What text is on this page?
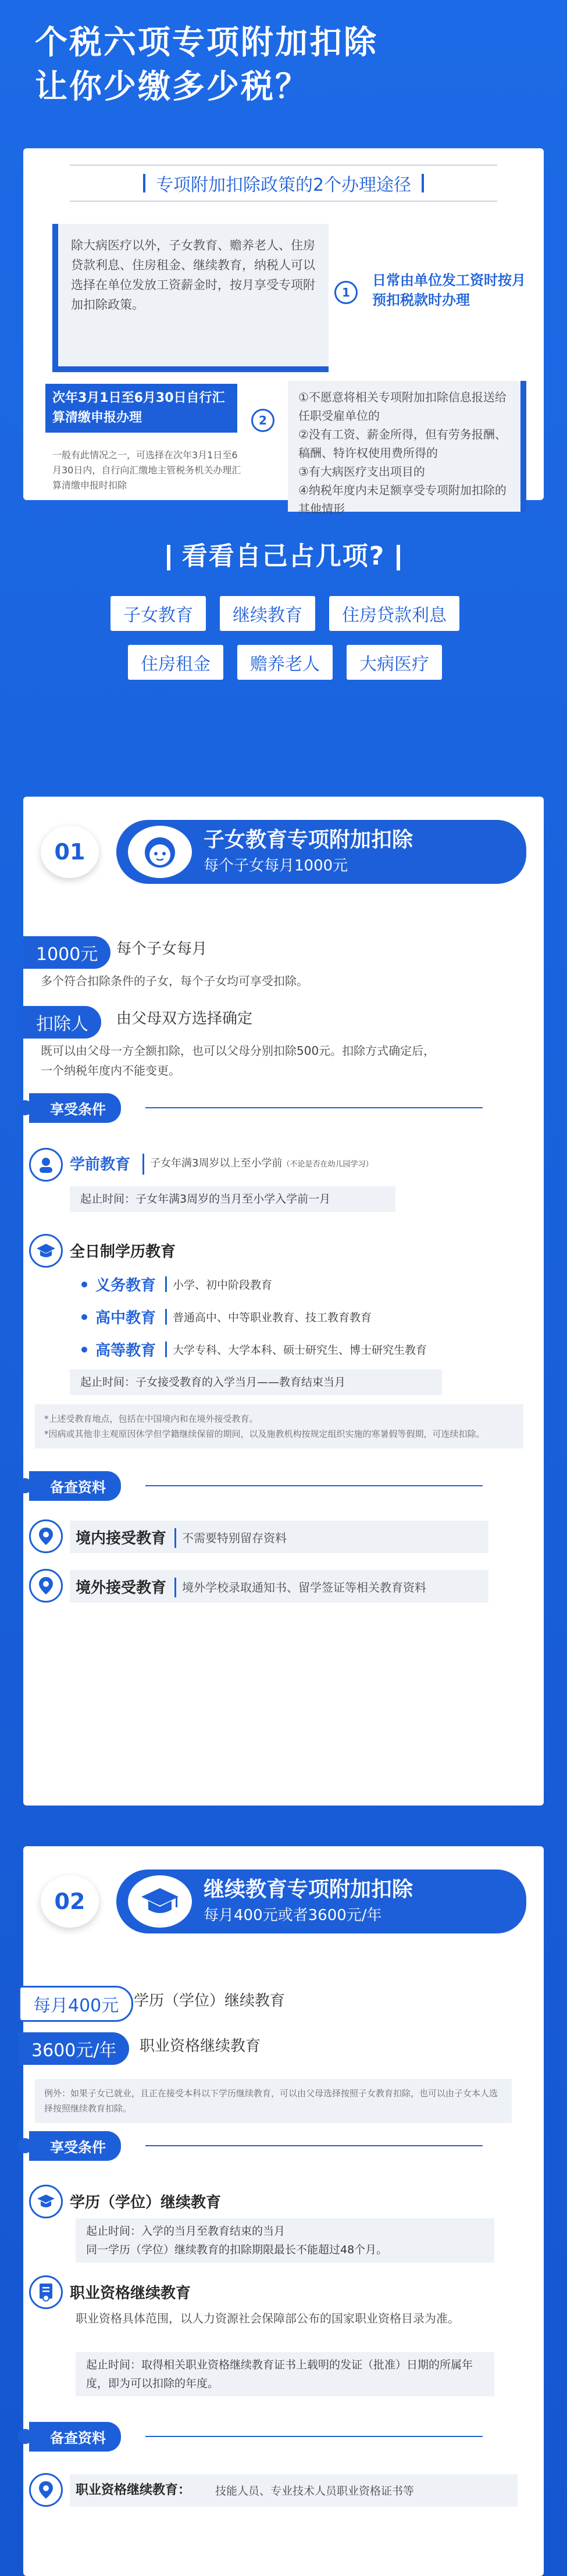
个税六项专项附加扣除
让你少缴多少税？
专项附加扣除政策的2个办理途径
除大病医疗以外，子女教育、赡养老人、住房贷款利息、住房租金、继续教育，纳税人可以选择在单位发放工资薪金时，按月享受专项附加扣除政策。
1
日常由单位发工资时按月预扣税款时办理
①不愿意将相关专项附加扣除信息报送给任职受雇单位的
②没有工资、薪金所得，但有劳务报酬、稿酬、特许权使用费所得的
③有大病医疗支出项目的
④纳税年度内未足额享受专项附加扣除的其他情形
2
次年3月1日至6月30日自行汇算清缴申报办理
一般有此情况之一，可选择在次年3月1日至6月30日内，自行向汇缴地主管税务机关办理汇算清缴申报时扣除
看看自己占几项?
子女教育	继续教育	住房贷款利息
住房租金	赡养老人	大病医疗
01	子女教育专项附加扣除
每个子女每月1000元
1000元	每个子女每月
多个符合扣除条件的子女，每个子女均可享受扣除。
扣除人	由父母双方选择确定
既可以由父母一方全额扣除，也可以父母分别扣除500元。扣除方式确定后，一个纳税年度内不能变更。
享受条件
学前教育	子女年满3周岁以上至小学前（不论是否在幼儿园学习）
起止时间：子女年满3周岁的当月至小学入学前一月
全日制学历教育
义务教育	小学、初中阶段教育
高中教育	普通高中、中等职业教育、技工教育教育
高等教育	大学专科、大学本科、硕士研究生、博士研究生教育
起止时间：子女接受教育的入学当月——教育结束当月
*上述受教育地点，包括在中国境内和在境外接受教育。
*因病或其他非主观原因休学但学籍继续保留的期间，以及施教机构按规定组织实施的寒暑假等假期，可连续扣除。
备查资料
境内接受教育	不需要特别留存资料
境外接受教育	境外学校录取通知书、留学签证等相关教育资料
02	继续教育专项附加扣除
每月400元或者3600元/年
每月400元 学历（学位）继续教育
3600元/年	职业资格继续教育
例外：如果子女已就业，且正在接受本科以下学历继续教育，可以由父母选择按照子女教育扣除，也可以由子女本人选择按照继续教育扣除。
享受条件
学历（学位）继续教育
起止时间：入学的当月至教育结束的当月
同一学历（学位）继续教育的扣除期限最长不能超过48个月。
职业资格继续教育
职业资格具体范围，以人力资源社会保障部公布的国家职业资格目录为准。
起止时间：取得相关职业资格继续教育证书上载明的发证（批准）日期的所属年度，即为可以扣除的年度。
备查资料
职业资格继续教育： 技能人员、专业技术人员职业资格证书等
